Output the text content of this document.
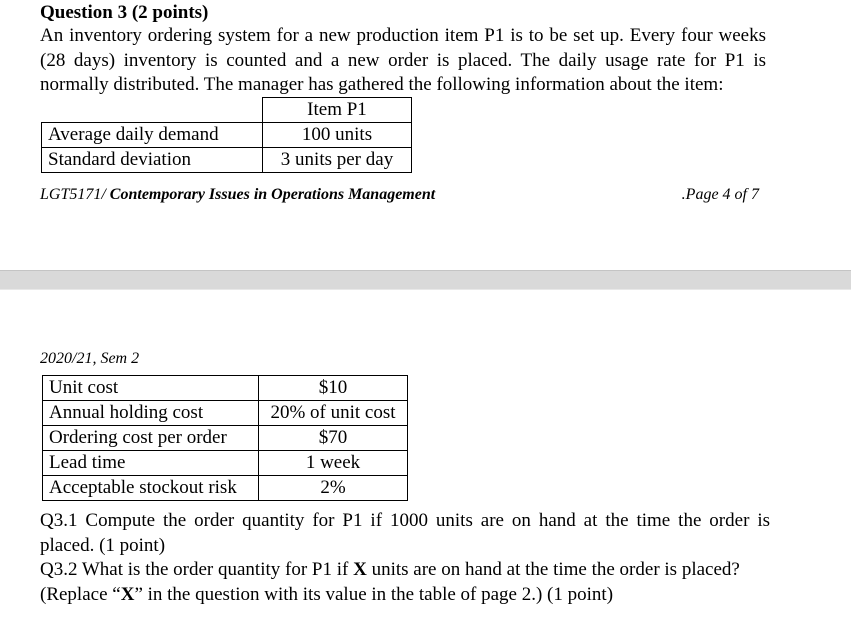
Question 3 (2 points)
An inventory ordering system for a new production item P1 is to be set up. Every four weeks
(28 days) inventory is counted and a new order is placed. The daily usage rate for P1 is
normally distributed. The manager has gathered the following information about the item:
	Item P1
Average daily demand	100 units
Standard deviation	3 units per day
LGT5171/ Contemporary Issues in Operations Management	.Page 4 of 7
2020/21, Sem 2
Unit cost	$10
Annual holding cost	20% of unit cost
Ordering cost per order	$70
Lead time	1 week
Acceptable stockout risk	2%
Q3.1 Compute the order quantity for P1 if 1000 units are on hand at the time the order is
placed. (1 point)
Q3.2 What is the order quantity for P1 if X units are on hand at the time the order is placed?
(Replace “X” in the question with its value in the table of page 2.) (1 point)
